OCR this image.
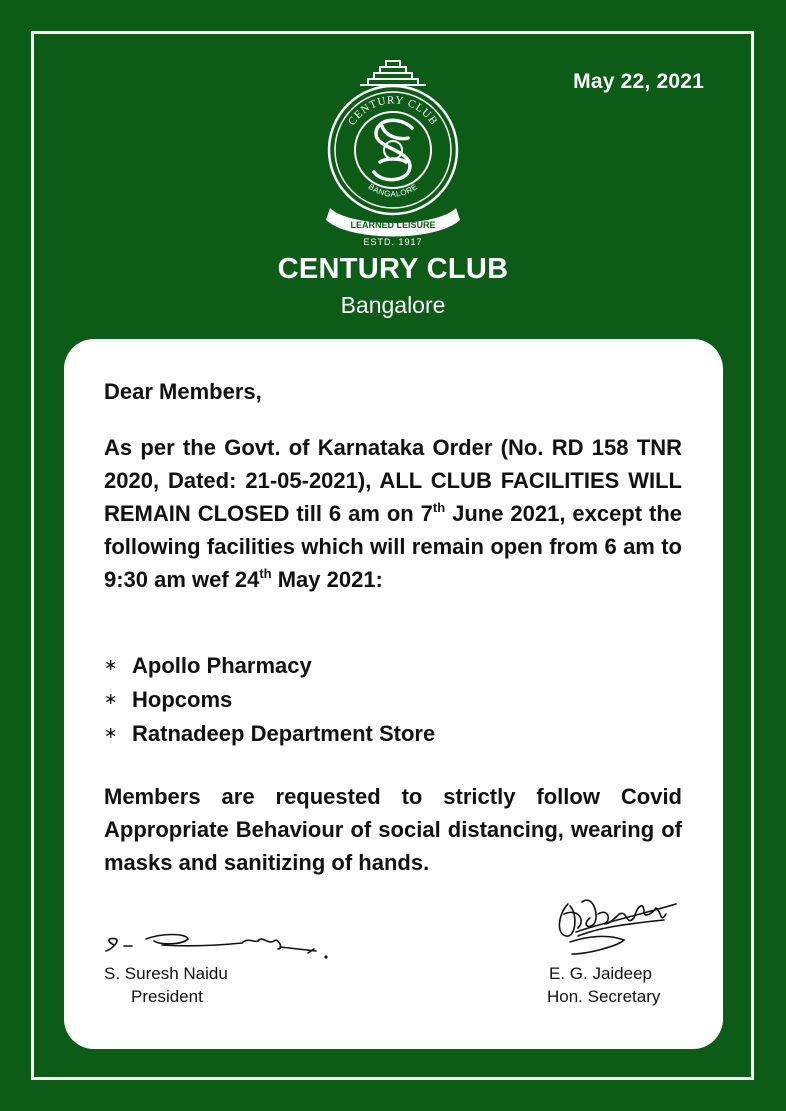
May 22, 2021
CENTURY CLUB
BANGALORE
LEARNED LEISURE
ESTD. 1917
CENTURY CLUB
Bangalore
Dear Members,
As per the Govt. of Karnataka Order (No. RD 158 TNR 2020, Dated: 21-05-2021), ALL CLUB FACILITIES WILL REMAIN CLOSED till 6 am on 7th June 2021, except the following facilities which will remain open from 6 am to 9:30 am wef 24th May 2021:
∗ Apollo Pharmacy
∗ Hopcoms
∗ Ratnadeep Department Store
Members are requested to strictly follow Covid Appropriate Behaviour of social distancing, wearing of masks and sanitizing of hands.
S. Suresh Naidu
President
E. G. Jaideep
Hon. Secretary
